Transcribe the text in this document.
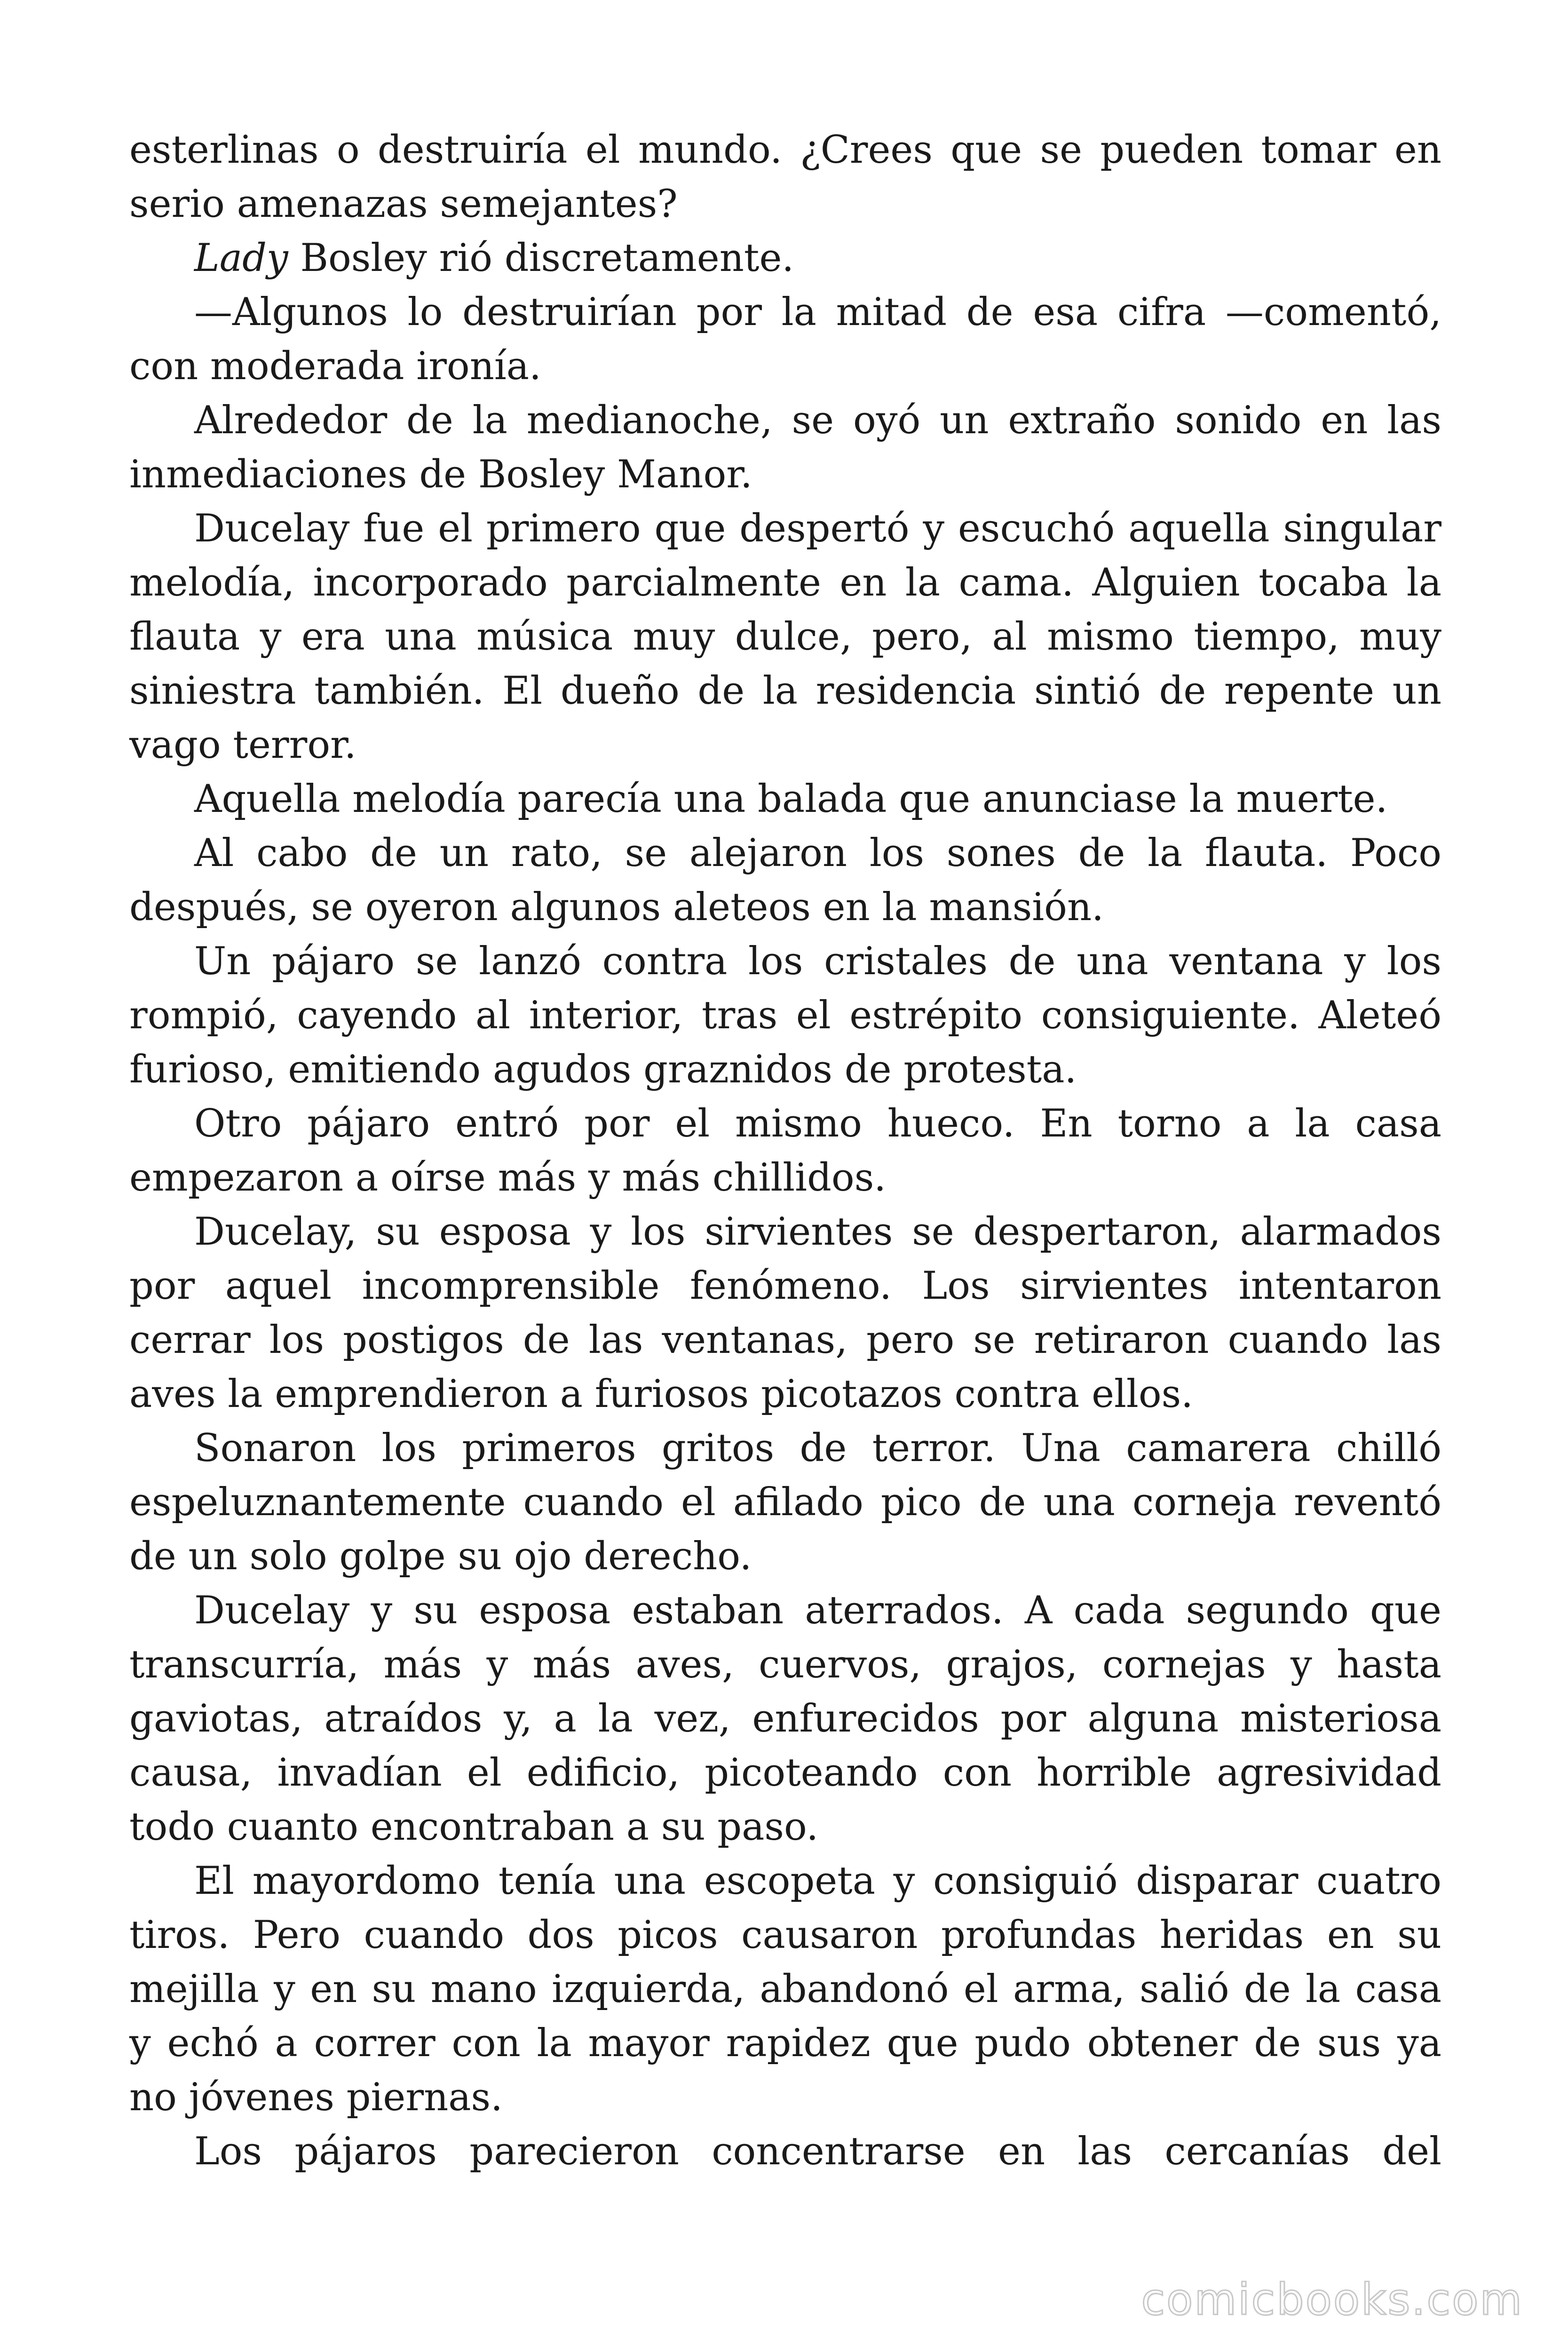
esterlinas o destruiría el mundo. ¿Crees que se pueden tomar en serio amenazas semejantes?

Lady Bosley rió discretamente.

—Algunos lo destruirían por la mitad de esa cifra —comentó, con moderada ironía.

Alrededor de la medianoche, se oyó un extraño sonido en las inmediaciones de Bosley Manor.

Ducelay fue el primero que despertó y escuchó aquella singular melodía, incorporado parcialmente en la cama. Alguien tocaba la flauta y era una música muy dulce, pero, al mismo tiempo, muy siniestra también. El dueño de la residencia sintió de repente un vago terror.

Aquella melodía parecía una balada que anunciase la muerte.

Al cabo de un rato, se alejaron los sones de la flauta. Poco después, se oyeron algunos aleteos en la mansión.

Un pájaro se lanzó contra los cristales de una ventana y los rompió, cayendo al interior, tras el estrépito consiguiente. Aleteó furioso, emitiendo agudos graznidos de protesta.

Otro pájaro entró por el mismo hueco. En torno a la casa empezaron a oírse más y más chillidos.

Ducelay, su esposa y los sirvientes se despertaron, alarmados por aquel incomprensible fenómeno. Los sirvientes intentaron cerrar los postigos de las ventanas, pero se retiraron cuando las aves la emprendieron a furiosos picotazos contra ellos.

Sonaron los primeros gritos de terror. Una camarera chilló espeluznantemente cuando el afilado pico de una corneja reventó de un solo golpe su ojo derecho.

Ducelay y su esposa estaban aterrados. A cada segundo que transcurría, más y más aves, cuervos, grajos, cornejas y hasta gaviotas, atraídos y, a la vez, enfurecidos por alguna misteriosa causa, invadían el edificio, picoteando con horrible agresividad todo cuanto encontraban a su paso.

El mayordomo tenía una escopeta y consiguió disparar cuatro tiros. Pero cuando dos picos causaron profundas heridas en su mejilla y en su mano izquierda, abandonó el arma, salió de la casa y echó a correr con la mayor rapidez que pudo obtener de sus ya no jóvenes piernas.

Los pájaros parecieron concentrarse en las cercanías del

comicbooks.com
